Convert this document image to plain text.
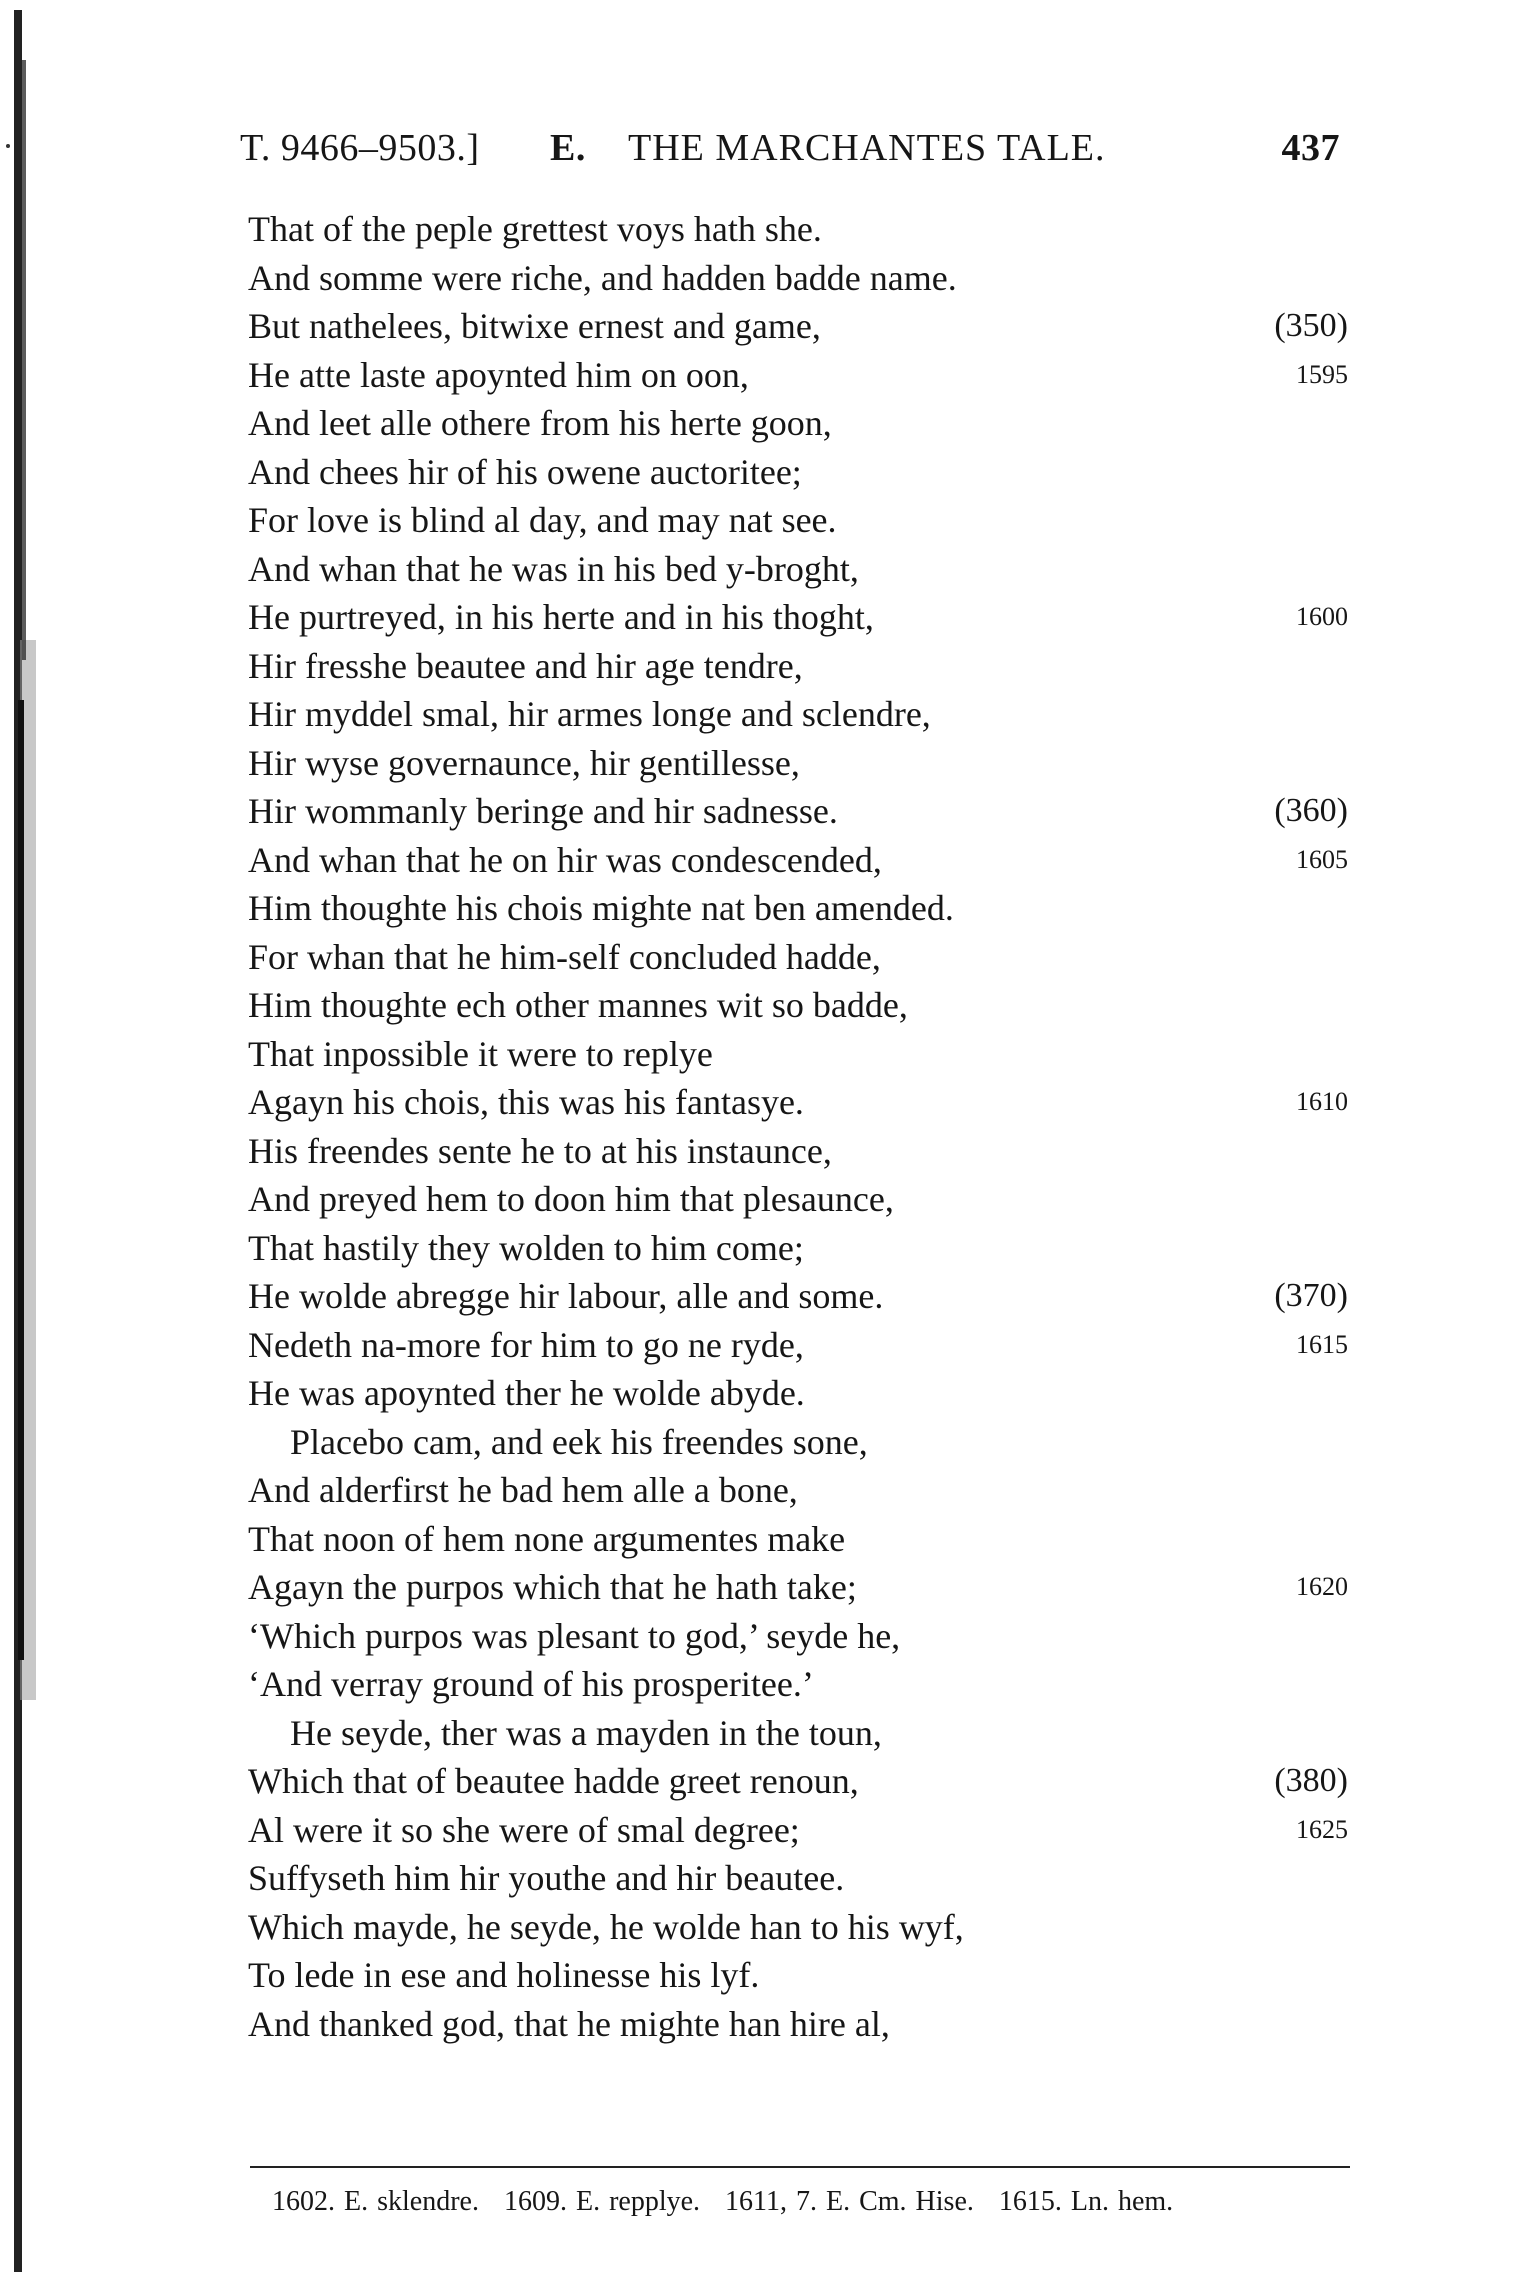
T. 9466–9503.] E. THE MARCHANTES TALE.	437
That of the peple grettest voys hath she.
And somme were riche, and hadden badde name.
But nathelees, bitwixe ernest and game,	(350)
He atte laste apoynted him on oon,	1595
And leet alle othere from his herte goon,
And chees hir of his owene auctoritee;
For love is blind al day, and may nat see.
And whan that he was in his bed y-broght,
He purtreyed, in his herte and in his thoght,	1600
Hir fresshe beautee and hir age tendre,
Hir myddel smal, hir armes longe and sclendre,
Hir wyse governaunce, hir gentillesse,
Hir wommanly beringe and hir sadnesse.	(360)
And whan that he on hir was condescended,	1605
Him thoughte his chois mighte nat ben amended.
For whan that he him-self concluded hadde,
Him thoughte ech other mannes wit so badde,
That inpossible it were to replye
Agayn his chois, this was his fantasye.	1610
His freendes sente he to at his instaunce,
And preyed hem to doon him that plesaunce,
That hastily they wolden to him come;
He wolde abregge hir labour, alle and some.	(370)
Nedeth na-more for him to go ne ryde,	1615
He was apoynted ther he wolde abyde.
Placebo cam, and eek his freendes sone,
And alderfirst he bad hem alle a bone,
That noon of hem none argumentes make
Agayn the purpos which that he hath take;	1620
‘Which purpos was plesant to god,’ seyde he,
‘And verray ground of his prosperitee.’
He seyde, ther was a mayden in the toun,
Which that of beautee hadde greet renoun,	(380)
Al were it so she were of smal degree;	1625
Suffyseth him hir youthe and hir beautee.
Which mayde, he seyde, he wolde han to his wyf,
To lede in ese and holinesse his lyf.
And thanked god, that he mighte han hire al,
1602. E. sklendre. 1609. E. repplye. 1611, 7. E. Cm. Hise. 1615. Ln. hem.
